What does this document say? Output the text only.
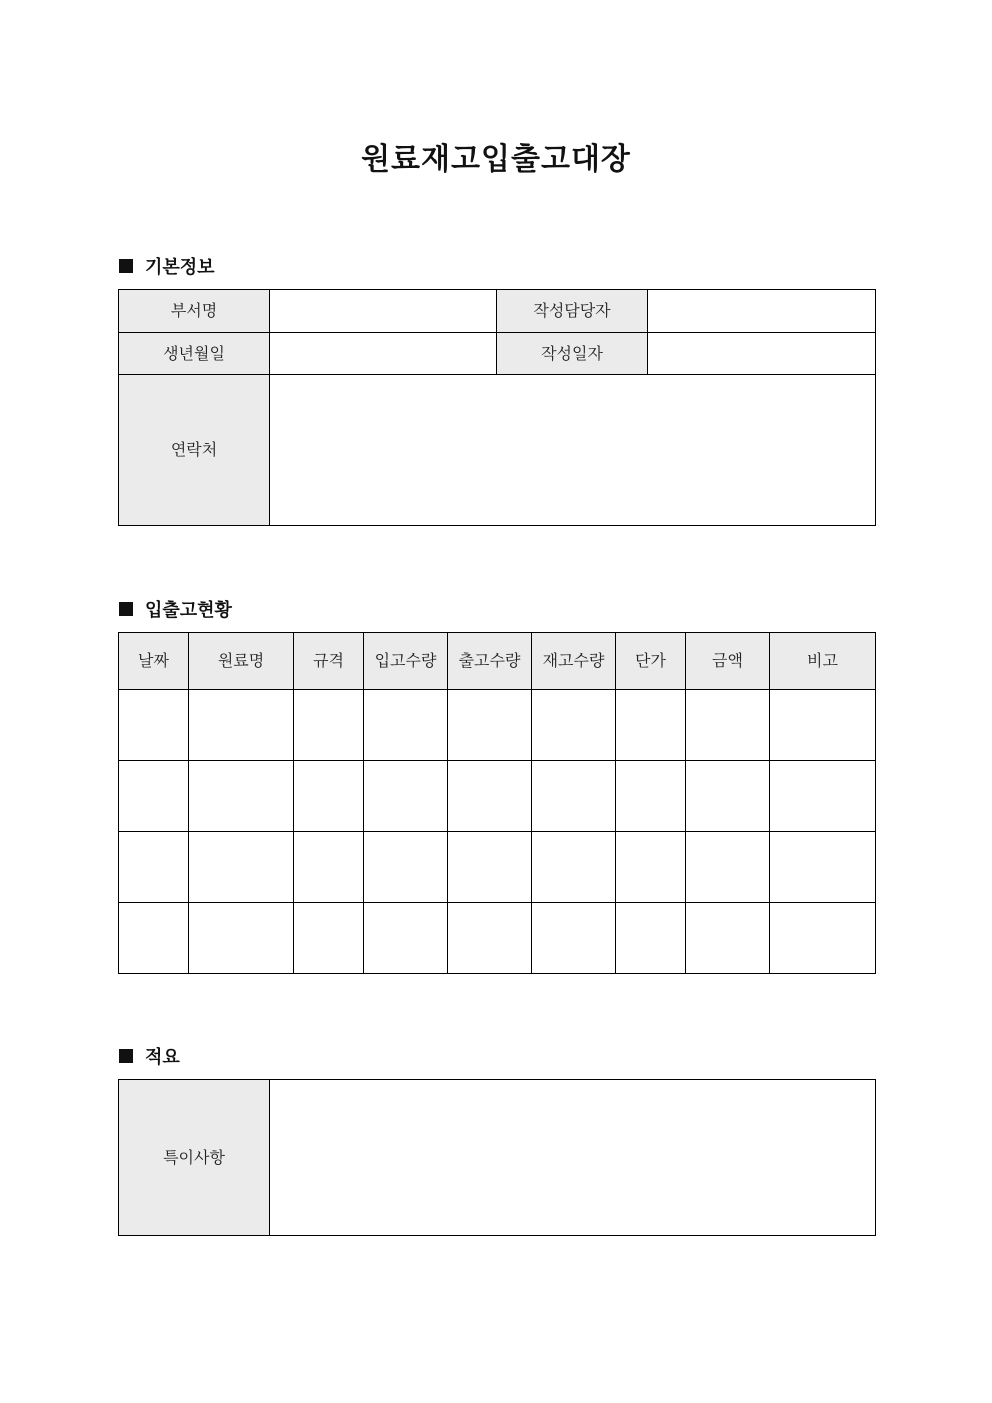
원료재고입출고대장
기본정보
부서명		작성담당자	
생년월일		작성일자	
연락처			
입출고현황
날짜	원료명	규격	입고수량	출고수량	재고수량	단가	금액	비고

적요
특이사항	
